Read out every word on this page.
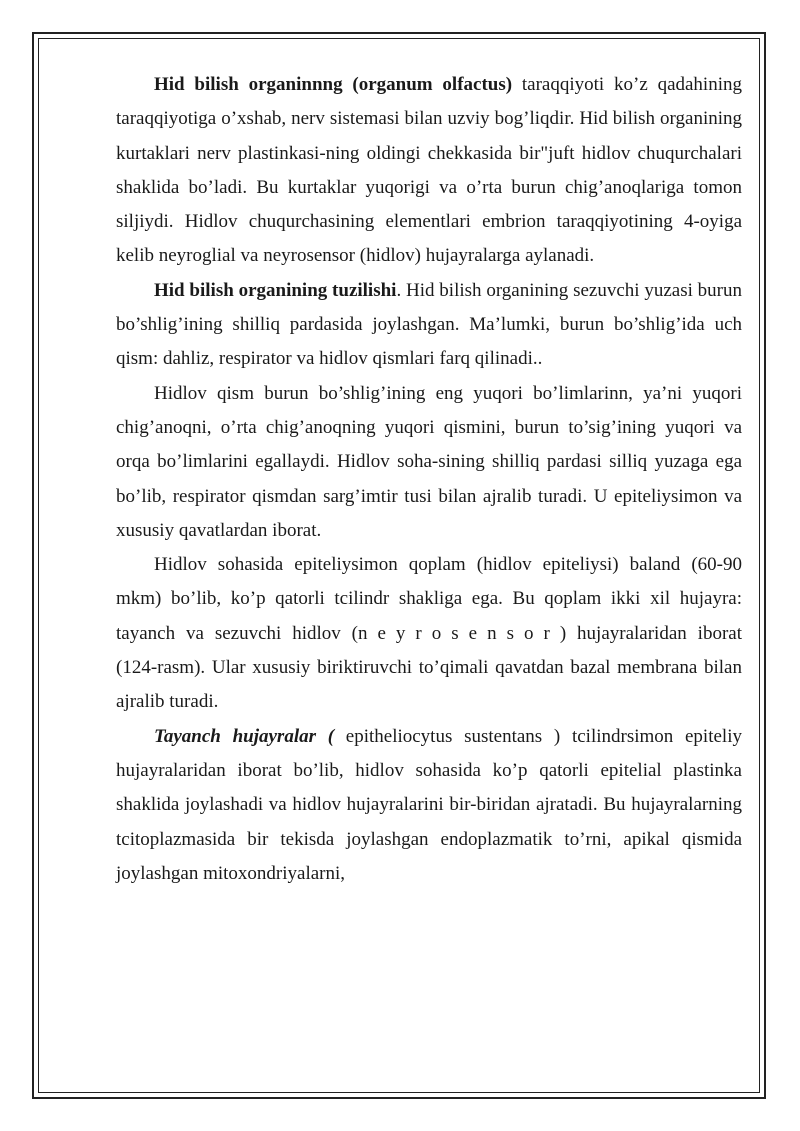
Hid bilish organinnng (organum olfactus) taraqqiyoti ko’z qadahining taraqqiyotiga o’xshab, nerv sistemasi bilan uzviy bog’liqdir. Hid bilish organining kurtaklari nerv plastinkasi-ning oldingi chekkasida bir"juft hidlov chuqurchalari shaklida bo’ladi. Bu kurtaklar yuqorigi va o’rta burun chig’anoqlariga tomon siljiydi. Hidlov chuqurchasining elementlari embrion taraqqiyotining 4-oyiga kelib neyroglial va neyrosensor (hidlov) hujayralarga aylanadi.

Hid bilish organining tuzilishi. Hid bilish organining sezuvchi yuzasi burun bo’shlig’ining shilliq pardasida joylashgan. Ma’lumki, burun bo’shlig’ida uch qism: dahliz, respirator va hidlov qismlari farq qilinadi..

Hidlov qism burun bo’shlig’ining eng yuqori bo’limlarinn, ya’ni yuqori chig’anoqni, o’rta chig’anoqning yuqori qismini, burun to’sig’ining yuqori va orqa bo’limlarini egallaydi. Hidlov soha-sining shilliq pardasi silliq yuzaga ega bo’lib, respirator qismdan sarg’imtir tusi bilan ajralib turadi. U epiteliysimon va xususiy qavatlardan iborat.

Hidlov sohasida epiteliysimon qoplam (hidlov epiteliysi) baland (60-90 mkm) bo’lib, ko’p qatorli tcilindr shakliga ega. Bu qoplam ikki xil hujayra: tayanch va sezuvchi hidlov (neyrosensor) hujayralaridan iborat (124-rasm). Ular xususiy biriktiruvchi to’qimali qavatdan bazal membrana bilan ajralib turadi.

Tayanch hujayralar ( epitheliocytus sustentans ) tcilindrsimon epiteliy hujayralaridan iborat bo’lib, hidlov sohasida ko’p qatorli epitelial plastinka shaklida joylashadi va hidlov hujayralarini bir-biridan ajratadi. Bu hujayralarning tcitoplazmasida bir tekisda joylashgan endoplazmatik to’rni, apikal qismida joylashgan mitoxondriyalarni,
